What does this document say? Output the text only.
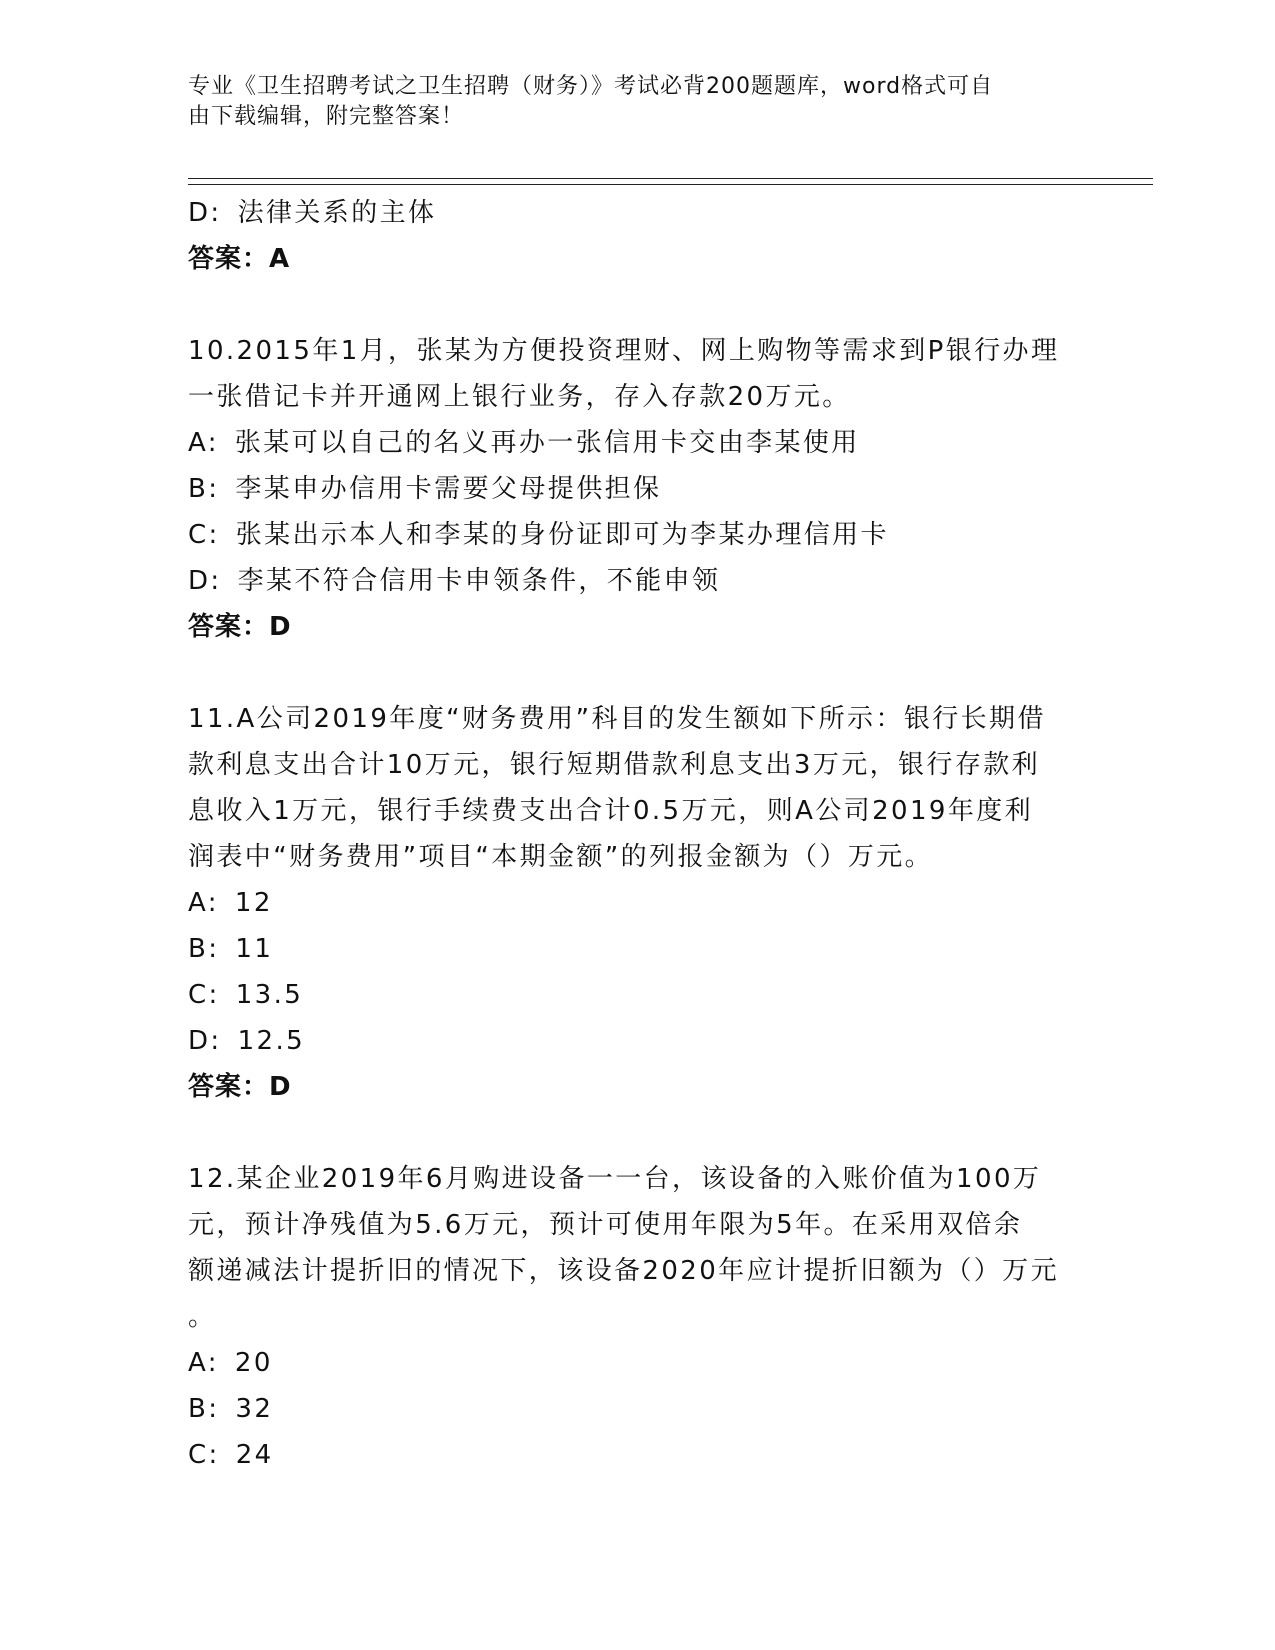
专业《卫生招聘考试之卫生招聘（财务）》考试必背200题题库，word格式可自
由下载编辑，附完整答案！
D: 法律关系的主体
答案：A
10.2015年1月，张某为方便投资理财、网上购物等需求到P银行办理
一张借记卡并开通网上银行业务，存入存款20万元。
A: 张某可以自己的名义再办一张信用卡交由李某使用
B: 李某申办信用卡需要父母提供担保
C: 张某出示本人和李某的身份证即可为李某办理信用卡
D: 李某不符合信用卡申领条件，不能申领
答案：D
11.A公司2019年度“财务费用”科目的发生额如下所示：银行长期借
款利息支出合计10万元，银行短期借款利息支出3万元，银行存款利
息收入1万元，银行手续费支出合计0.5万元，则A公司2019年度利
润表中“财务费用”项目“本期金额”的列报金额为（）万元。
A: 12
B: 11
C: 13.5
D: 12.5
答案：D
12.某企业2019年6月购进设备一一台，该设备的入账价值为100万
元，预计净残值为5.6万元，预计可使用年限为5年。在采用双倍余
额递减法计提折旧的情况下，该设备2020年应计提折旧额为（）万元
。
A: 20
B: 32
C: 24
